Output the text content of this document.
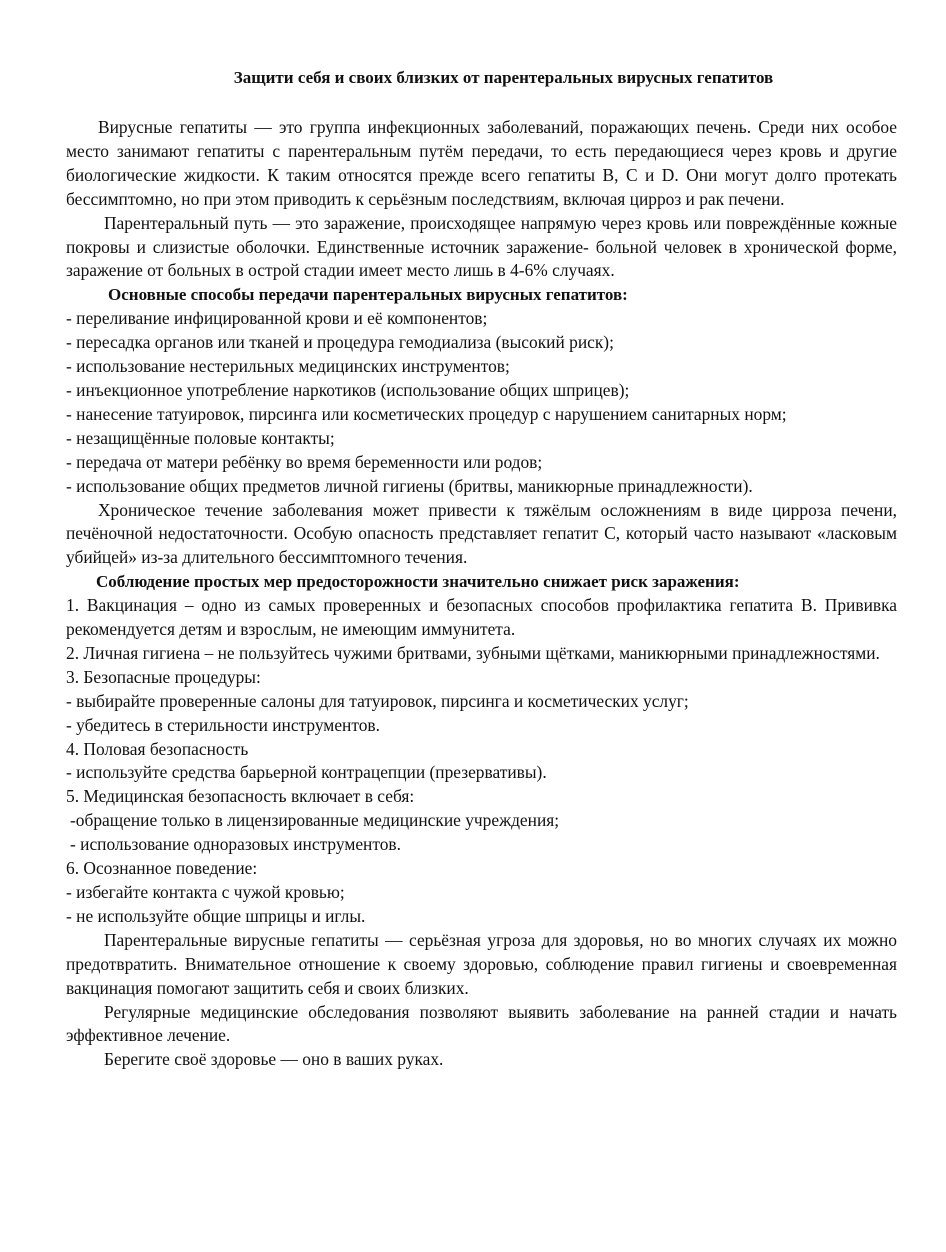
Защити себя и своих близких от парентеральных вирусных гепатитов

Вирусные гепатиты — это группа инфекционных заболеваний, поражающих печень. Среди них особое место занимают гепатиты с парентеральным путём передачи, то есть передающиеся через кровь и другие биологические жидкости. К таким относятся прежде всего гепатиты B, C и D. Они могут долго протекать бессимптомно, но при этом приводить к серьёзным последствиям, включая цирроз и рак печени.

Парентеральный путь — это заражение, происходящее напрямую через кровь или повреждённые кожные покровы и слизистые оболочки. Единственные источник заражение- больной человек в хронической форме, заражение от больных в острой стадии имеет место лишь в 4-6% случаях.

Основные способы передачи парентеральных вирусных гепатитов:

- переливание инфицированной крови и её компонентов;

- пересадка органов или тканей и процедура гемодиализа (высокий риск);

- использование нестерильных медицинских инструментов;

- инъекционное употребление наркотиков (использование общих шприцев);

- нанесение татуировок, пирсинга или косметических процедур с нарушением санитарных норм;

- незащищённые половые контакты;

- передача от матери ребёнку во время беременности или родов;

- использование общих предметов личной гигиены (бритвы, маникюрные принадлежности).

Хроническое течение заболевания может привести к тяжёлым осложнениям в виде цирроза печени, печёночной недостаточности. Особую опасность представляет гепатит С, который часто называют «ласковым убийцей» из-за длительного бессимптомного течения.

Соблюдение простых мер предосторожности значительно снижает риск заражения:

1. Вакцинация – одно из самых проверенных и безопасных способов профилактика гепатита В. Прививка рекомендуется детям и взрослым, не имеющим иммунитета.

2. Личная гигиена – не пользуйтесь чужими бритвами, зубными щётками, маникюрными принадлежностями.

3. Безопасные процедуры:

- выбирайте проверенные салоны для татуировок, пирсинга и косметических услуг;

- убедитесь в стерильности инструментов.

4. Половая безопасность

- используйте средства барьерной контрацепции (презервативы).

5. Медицинская безопасность включает в себя:

-обращение только в лицензированные медицинские учреждения;

- использование одноразовых инструментов.

6. Осознанное поведение:

- избегайте контакта с чужой кровью;

- не используйте общие шприцы и иглы.

Парентеральные вирусные гепатиты — серьёзная угроза для здоровья, но во многих случаях их можно предотвратить. Внимательное отношение к своему здоровью, соблюдение правил гигиены и своевременная вакцинация помогают защитить себя и своих близких.

Регулярные медицинские обследования позволяют выявить заболевание на ранней стадии и начать эффективное лечение.

Берегите своё здоровье — оно в ваших руках.
